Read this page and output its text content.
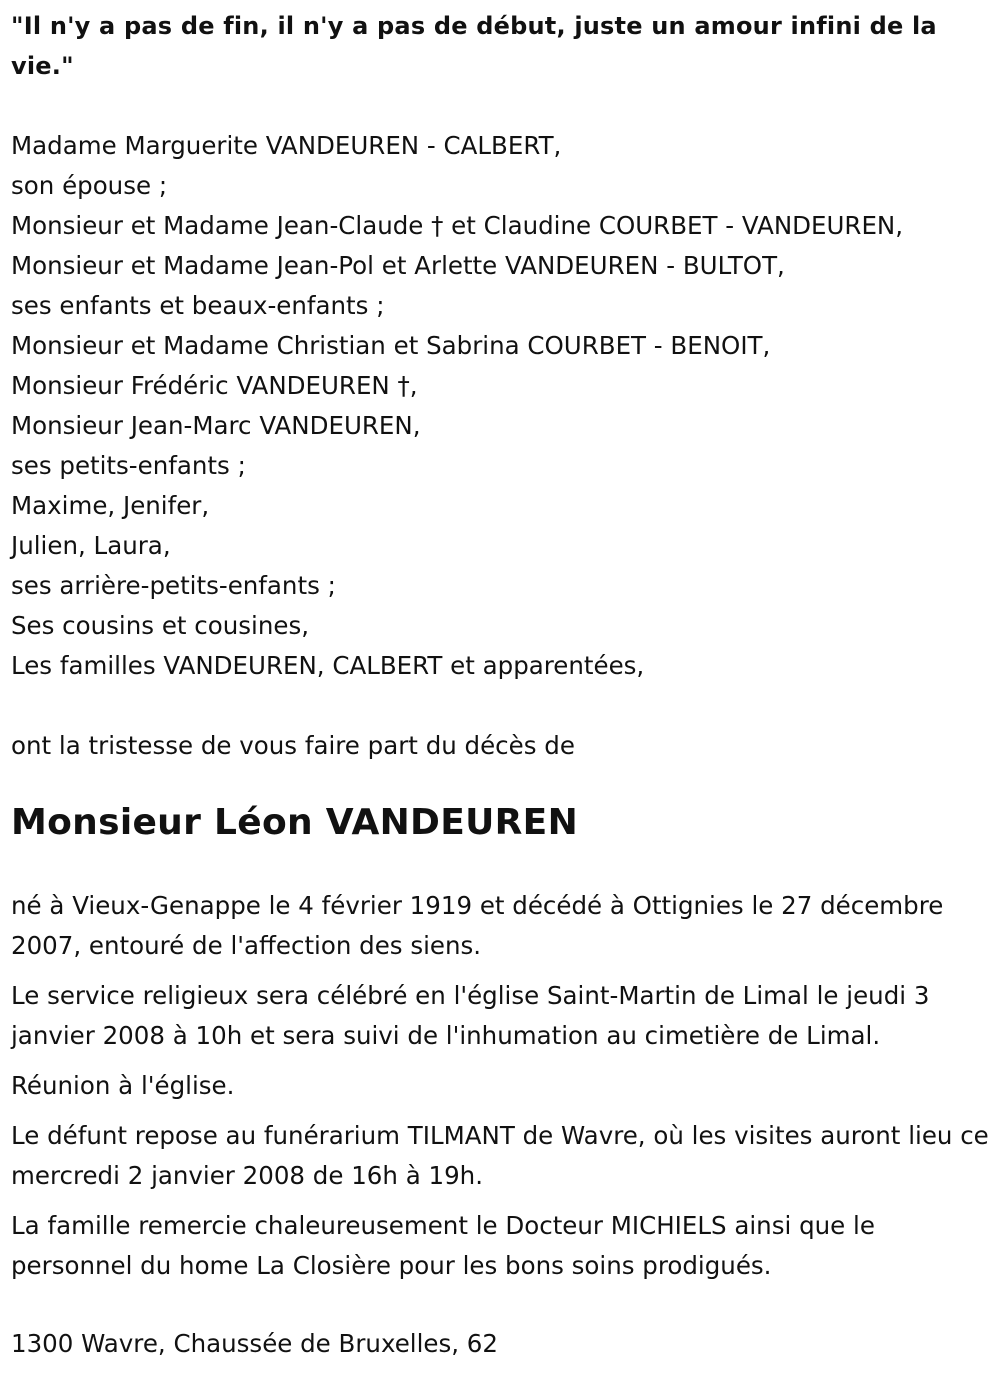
"Il n'y a pas de fin, il n'y a pas de début, juste un amour infini de la vie."

Madame Marguerite VANDEUREN - CALBERT,
son épouse ;
Monsieur et Madame Jean-Claude † et Claudine COURBET - VANDEUREN,
Monsieur et Madame Jean-Pol et Arlette VANDEUREN - BULTOT,
ses enfants et beaux-enfants ;
Monsieur et Madame Christian et Sabrina COURBET - BENOIT,
Monsieur Frédéric VANDEUREN †,
Monsieur Jean-Marc VANDEUREN,
ses petits-enfants ;
Maxime, Jenifer,
Julien, Laura,
ses arrière-petits-enfants ;
Ses cousins et cousines,
Les familles VANDEUREN, CALBERT et apparentées,

ont la tristesse de vous faire part du décès de

Monsieur Léon VANDEUREN

né à Vieux-Genappe le 4 février 1919 et décédé à Ottignies le 27 décembre 2007, entouré de l'affection des siens.

Le service religieux sera célébré en l'église Saint-Martin de Limal le jeudi 3 janvier 2008 à 10h et sera suivi de l'inhumation au cimetière de Limal.

Réunion à l'église.

Le défunt repose au funérarium TILMANT de Wavre, où les visites auront lieu ce mercredi 2 janvier 2008 de 16h à 19h.

La famille remercie chaleureusement le Docteur MICHIELS ainsi que le personnel du home La Closière pour les bons soins prodigués.

1300 Wavre, Chaussée de Bruxelles, 62
